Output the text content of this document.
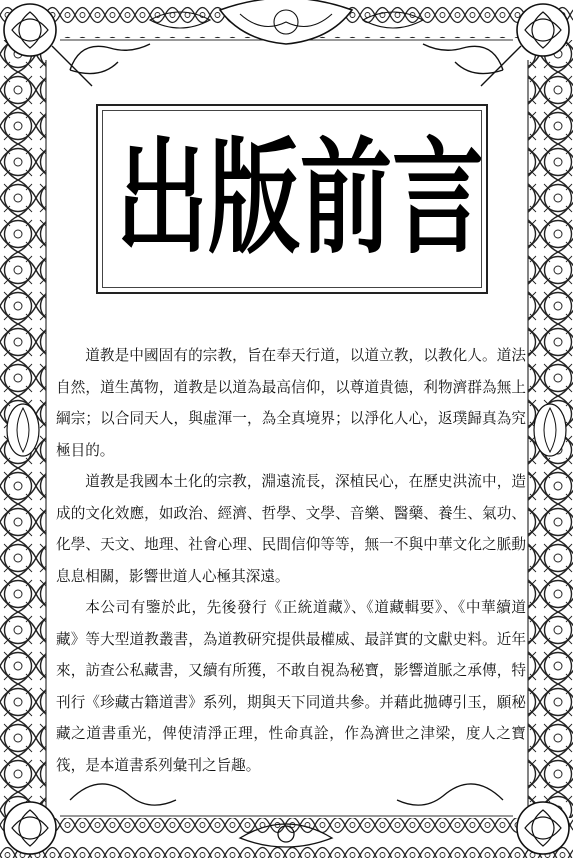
出 版 前 言

道教是中國固有的宗教，旨在奉天行道，以道立教，以教化人。道法自然，道生萬物，道教是以道為最高信仰，以尊道貴德，利物濟群為無上綱宗；以合同天人，與虛渾一，為全真境界；以淨化人心，返璞歸真為究極目的。

道教是我國本土化的宗教，淵遠流長，深植民心，在歷史洪流中，造成的文化效應，如政治、經濟、哲學、文學、音樂、醫藥、養生、氣功、化學、天文、地理、社會心理、民間信仰等等，無一不與中華文化之脈動息息相關，影響世道人心極其深遠。

本公司有鑒於此，先後發行《正統道藏》、《道藏輯要》、《中華續道藏》等大型道教叢書，為道教研究提供最權威、最詳實的文獻史料。近年來，訪查公私藏書，又續有所獲，不敢自視為秘寶，影響道脈之承傳，特刊行《珍藏古籍道書》系列，期與天下同道共參。并藉此拋磚引玉，願秘藏之道書重光，俾使清淨正理，性命真詮，作為濟世之津梁，度人之寶筏，是本道書系列彙刊之旨趣。
